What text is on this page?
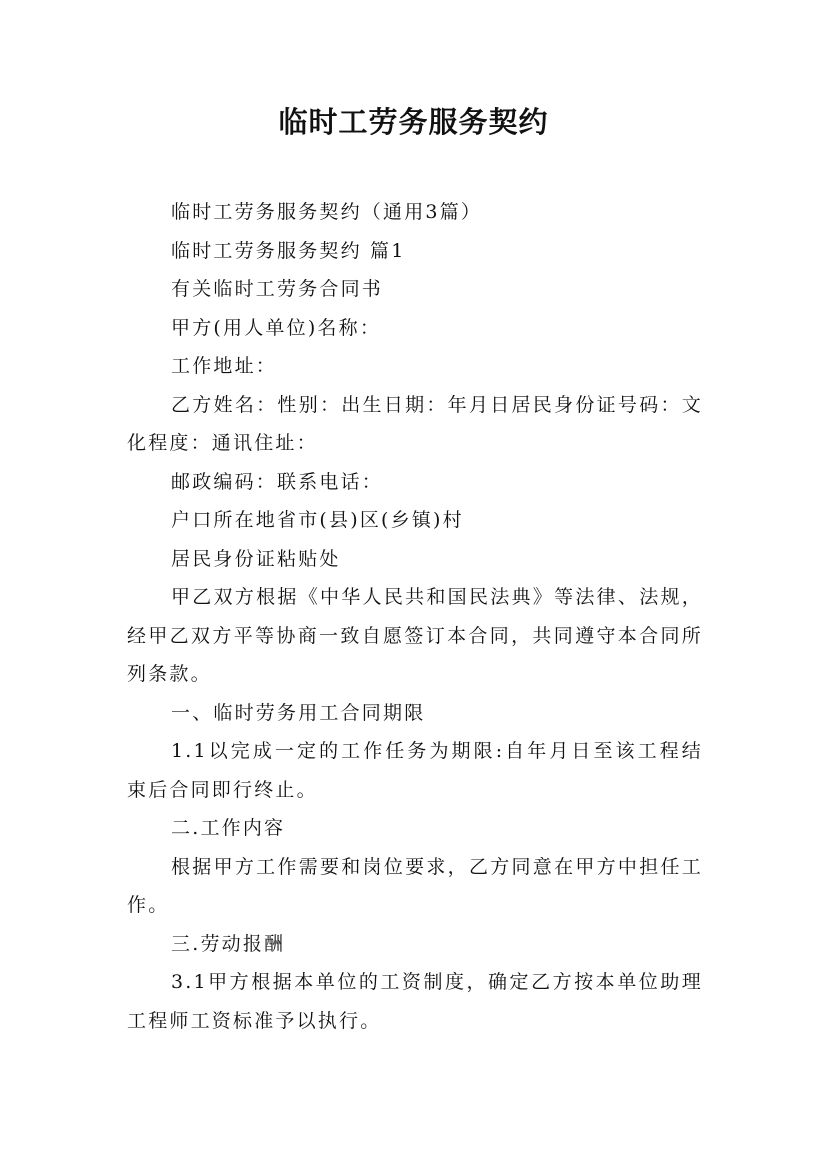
临时工劳务服务契约

临时工劳务服务契约（通用3篇）

临时工劳务服务契约 篇1

有关临时工劳务合同书

甲方(用人单位)名称：

工作地址：

乙方姓名：性别：出生日期：年月日居民身份证号码：文化程度：通讯住址：

邮政编码：联系电话：

户口所在地省市(县)区(乡镇)村

居民身份证粘贴处

甲乙双方根据《中华人民共和国民法典》等法律、法规，经甲乙双方平等协商一致自愿签订本合同，共同遵守本合同所列条款。

一、临时劳务用工合同期限

1.1以完成一定的工作任务为期限:自年月日至该工程结束后合同即行终止。

二.工作内容

根据甲方工作需要和岗位要求，乙方同意在甲方中担任工作。

三.劳动报酬

3.1甲方根据本单位的工资制度，确定乙方按本单位助理工程师工资标准予以执行。
